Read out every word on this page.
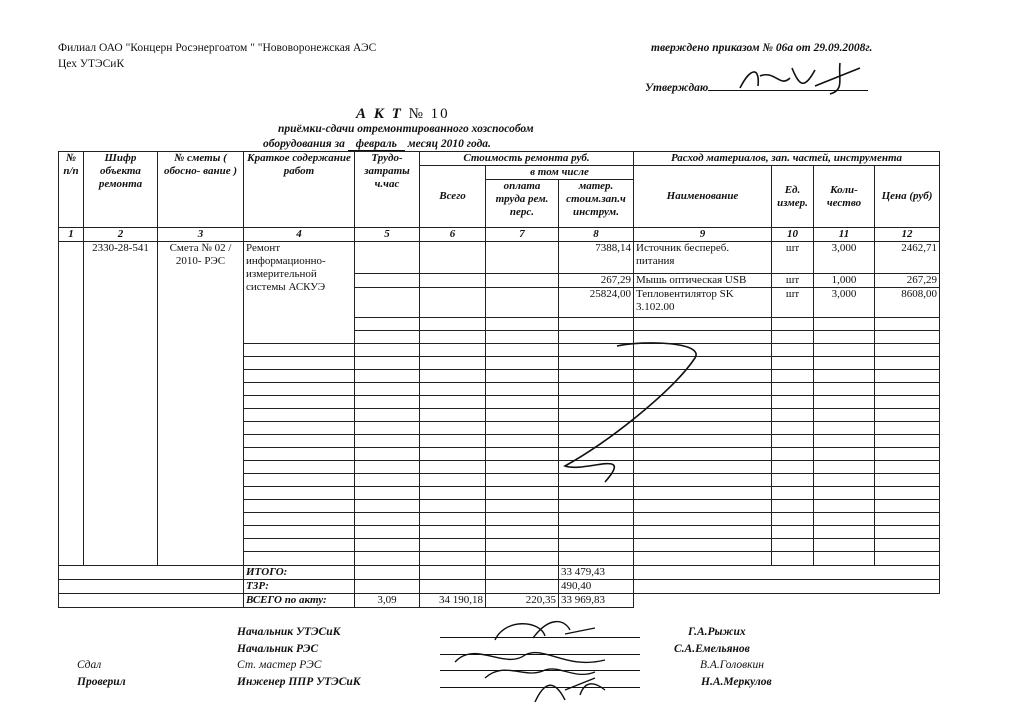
Филиал ОАО "Концерн Росэнергоатом " "Нововоронежская АЭС
Цех УТЭСиК
тверждено приказом № 06а от 29.09.2008г.
Утверждаю
А К Т № 10
приёмки-сдачи отремонтированного хозспособом
оборудования за февраль месяц 2010 года.
№ п/п	Шифр объекта ремонта	№ сметы ( обосно- вание )	Краткое содержание работ	Трудо- затраты ч.час	Стоимость ремонта руб.			Расход материалов, зап. частей, инструмента			
					Всего	в том числе		Наименование	Ед. измер.	Коли- чество	Цена (руб)
						оплата труда рем. перс.	матер. стоим.зап.ч инструм.				
1	2	3	4	5	6	7	8	9	10	11	12
	2330-28-541	Смета № 02 / 2010- РЭС	Ремонт информационно- измерительной системы АСКУЭ				7388,14	Источник беспереб. питания	шт	3,000	2462,71
							267,29	Мышь оптическая USB	шт	1,000	267,29
							25824,00	Тепловентилятор SK 3.102.00	шт	3,000	8608,00

			ИТОГО:				33 479,43				
			ТЗР:				490,40				
			ВСЕГО по акту:	3,09	34 190,18	220,35	33 969,83				
Начальник УТЭСиК
Начальник РЭС
Сдал	Ст. мастер РЭС
Проверил	Инженер ППР УТЭСиК
Г.А.Рыжих
С.А.Емельянов
В.А.Головкин
Н.А.Меркулов
